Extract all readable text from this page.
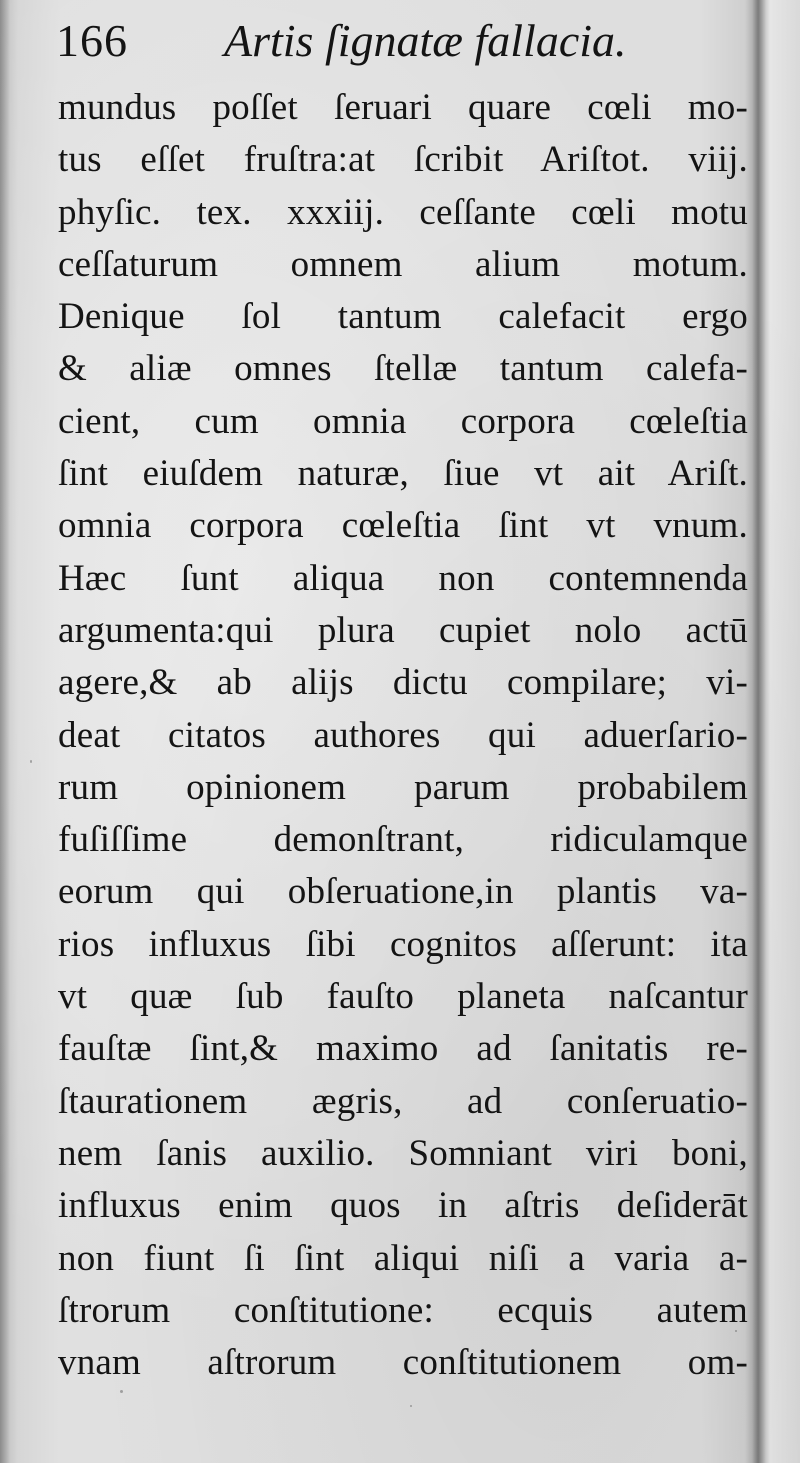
166 Artis ſignatæ fallacia.
mundus poſſet ſeruari quare cœli mo-
tus eſſet fruſtra:at ſcribit Ariſtot. viij.
phyſic. tex. xxxiij. ceſſante cœli motu
ceſſaturum omnem alium motum.
Denique ſol tantum calefacit ergo
& aliæ omnes ſtellæ tantum calefa-
cient, cum omnia corpora cœleſtia
ſint eiuſdem naturæ, ſiue vt ait Ariſt.
omnia corpora cœleſtia ſint vt vnum.
Hæc ſunt aliqua non contemnenda
argumenta:qui plura cupiet nolo actū
agere,& ab alijs dictu compilare; vi-
deat citatos authores qui aduerſario-
rum opinionem parum probabilem
fuſiſſime demonſtrant, ridiculamque
eorum qui obſeruatione,in plantis va-
rios influxus ſibi cognitos aſſerunt: ita
vt quæ ſub fauſto planeta naſcantur
fauſtæ ſint,& maximo ad ſanitatis re-
ſtaurationem ægris, ad conſeruatio-
nem ſanis auxilio. Somniant viri boni,
influxus enim quos in aſtris deſiderāt
non fiunt ſi ſint aliqui niſi a varia a-
ſtrorum conſtitutione: ecquis autem
vnam aſtrorum conſtitutionem om-
